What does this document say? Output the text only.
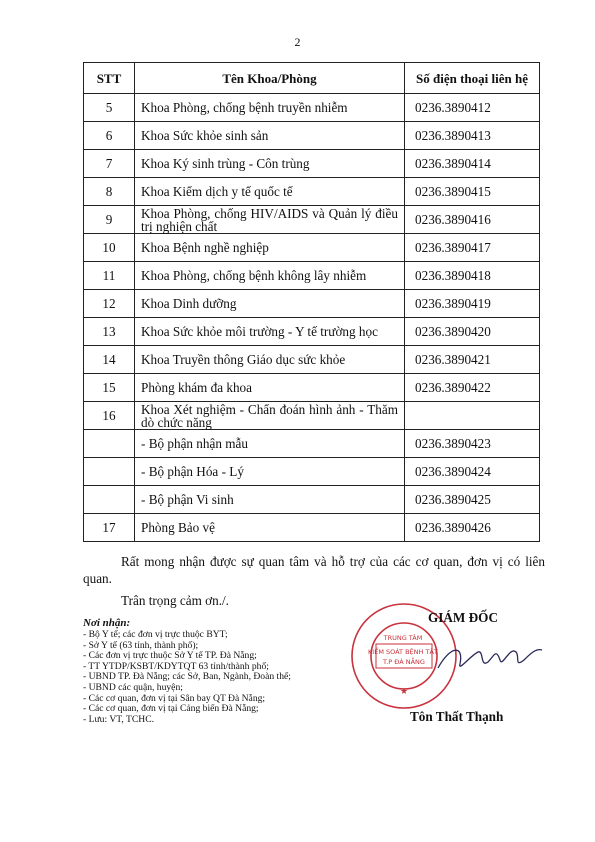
2
STT	Tên Khoa/Phòng	Số điện thoại liên hệ
5	Khoa Phòng, chống bệnh truyền nhiễm	0236.3890412
6	Khoa Sức khỏe sinh sản	0236.3890413
7	Khoa Ký sinh trùng - Côn trùng	0236.3890414
8	Khoa Kiểm dịch y tế quốc tế	0236.3890415
9	Khoa Phòng, chống HIV/AIDS và Quản lý điều trị nghiện chất	0236.3890416
10	Khoa Bệnh nghề nghiệp	0236.3890417
11	Khoa Phòng, chống bệnh không lây nhiễm	0236.3890418
12	Khoa Dinh dưỡng	0236.3890419
13	Khoa Sức khỏe môi trường - Y tế trường học	0236.3890420
14	Khoa Truyền thông Giáo dục sức khỏe	0236.3890421
15	Phòng khám đa khoa	0236.3890422
16	Khoa Xét nghiệm - Chẩn đoán hình ảnh - Thăm dò chức năng	
	- Bộ phận nhận mẫu	0236.3890423
	- Bộ phận Hóa - Lý	0236.3890424
	- Bộ phận Vi sinh	0236.3890425
17	Phòng Bảo vệ	0236.3890426
Rất mong nhận được sự quan tâm và hỗ trợ của các cơ quan, đơn vị có liên quan.
Trân trọng cảm ơn./.
Nơi nhận:
- Bộ Y tế; các đơn vị trực thuộc BYT;
- Sở Y tế (63 tỉnh, thành phố);
- Các đơn vị trực thuộc Sở Y tế TP. Đà Nẵng;
- TT YTDP/KSBT/KDYTQT 63 tỉnh/thành phố;
- UBND TP. Đà Nẵng; các Sở, Ban, Ngành, Đoàn thể;
- UBND các quận, huyện;
- Các cơ quan, đơn vị tại Sân bay QT Đà Nẵng;
- Các cơ quan, đơn vị tại Cảng biển Đà Nẵng;
- Lưu: VT, TCHC.
TRUNG TÂM KIỂM SOÁT BỆNH TẬT T.P ĐÀ NẴNG
★
GIÁM ĐỐC
Tôn Thất Thạnh
